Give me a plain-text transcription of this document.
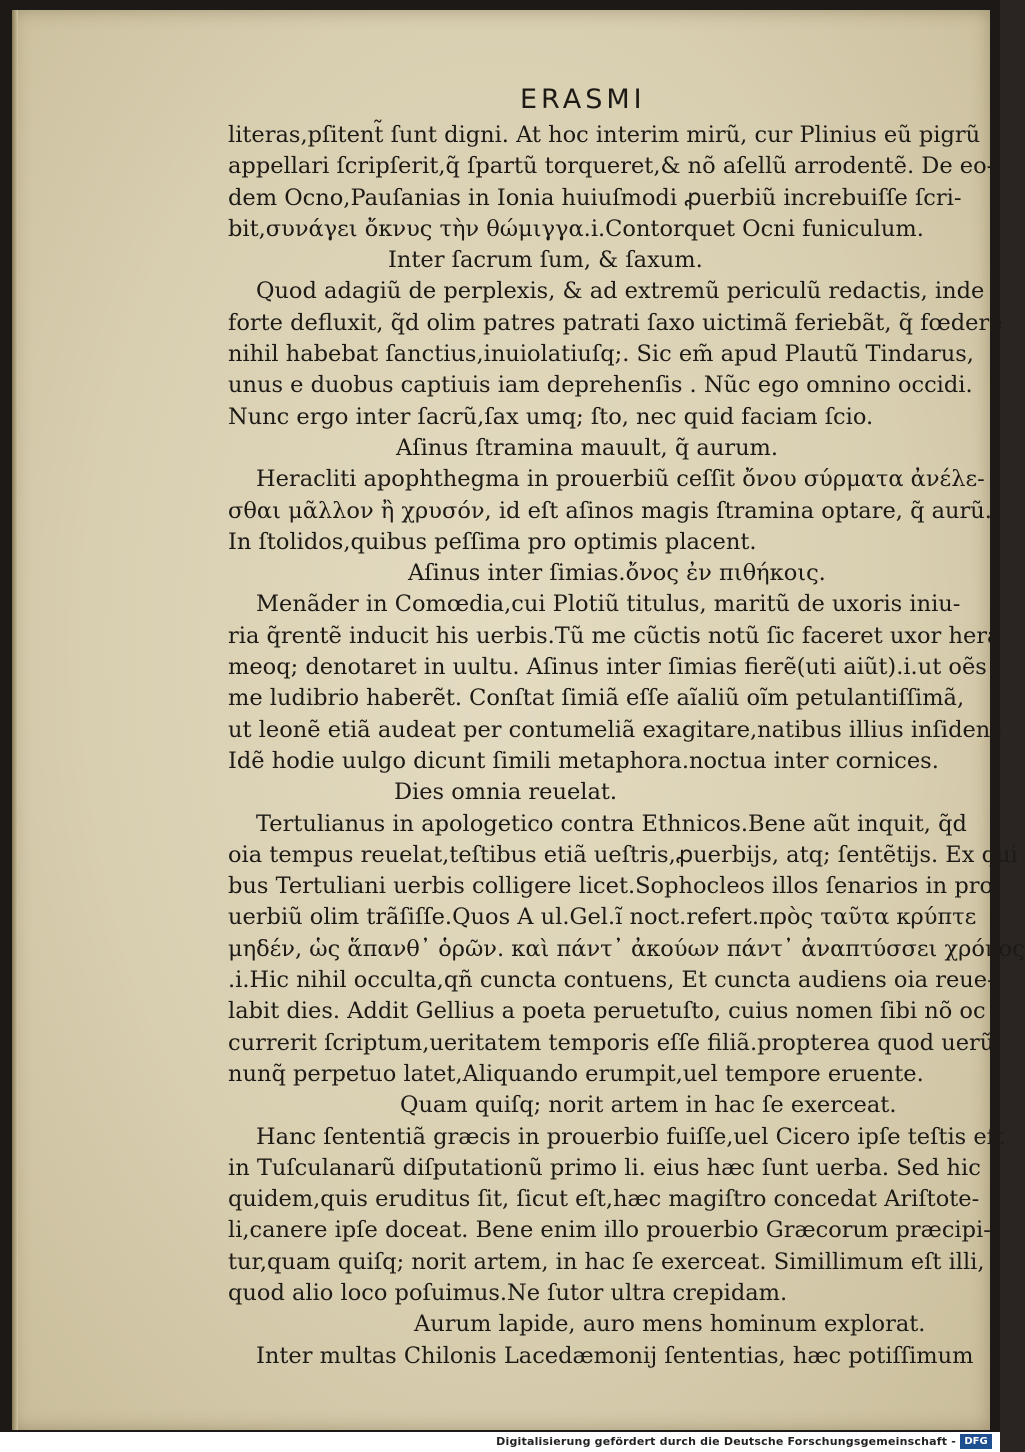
ERASMI
literas,pſitent̃ ſunt digni. At hoc interim mirũ, cur Plinius eũ pigrũ
appellari ſcripſerit,q̃ ſpartũ torqueret,& nõ aſellũ arrodentẽ. De eo-
dem Ocno,Pauſanias in Ionia huiuſmodi ꝓuerbiũ increbuiſſe ſcri-
bit,συνάγει ὄκνυς τὴν θώμιγγα.i.Contorquet Ocni funiculum.
Inter ſacrum ſum, & ſaxum.
Quod adagiũ de perplexis, & ad extremũ periculũ redactis, inde
forte defluxit, q̃d olim patres patrati ſaxo uictimã feriebãt, q̃ fœdere
nihil habebat ſanctius,inuiolatiuſq;. Sic em̃ apud Plautũ Tindarus,
unus e duobus captiuis iam deprehenſis . Nũc ego omnino occidi.
Nunc ergo inter ſacrũ,ſax umq; ſto, nec quid faciam ſcio.
Aſinus ſtramina mauult, q̃ aurum.
Heracliti apophthegma in prouerbiũ ceſſit ὄνου σύρματα ἀνέλε-
σθαι μᾶλλον ἢ χρυσόν, id eſt aſinos magis ſtramina optare, q̃ aurũ.
In ſtolidos,quibus peſſima pro optimis placent.
Aſinus inter ſimias.ὄνος ἐν πιθήκοις.
Menãder in Comœdia,cui Plotiũ titulus, maritũ de uxoris iniu-
ria q̃rentẽ inducit his uerbis.Tũ me cũctis notũ ſic faceret uxor hera
meoq; denotaret in uultu. Aſinus inter ſimias fierẽ(uti aiũt).i.ut oẽs
me ludibrio haberẽt. Conſtat ſimiã eſſe aĩaliũ oĩm petulantiſſimã,
ut leonẽ etiã audeat per contumeliã exagitare,natibus illius inſidens
Idẽ hodie uulgo dicunt ſimili metaphora.noctua inter cornices.
Dies omnia reuelat.
Tertulianus in apologetico contra Ethnicos.Bene aũt inquit, q̃d
oia tempus reuelat,teſtibus etiã ueſtris,ꝓuerbijs, atq; ſentẽtijs. Ex qui
bus Tertuliani uerbis colligere licet.Sophocleos illos ſenarios in pro
uerbiũ olim trãſiſſe.Quos A ul.Gel.ĩ noct.refert.πρὸς ταῦτα κρύπτε
μηδέν, ὡς ἅπανθ᾽ ὁρῶν. καὶ πάντ᾽ ἀκούων πάντ᾽ ἀναπτύσσει χρόνος
.i.Hic nihil occulta,qñ cuncta contuens, Et cuncta audiens oia reue-
labit dies. Addit Gellius a poeta peruetuſto, cuius nomen ſibi nõ oc
currerit ſcriptum,ueritatem temporis eſſe filiã.propterea quod uerũ
nunq̃ perpetuo latet,Aliquando erumpit,uel tempore eruente.
Quam quiſq; norit artem in hac ſe exerceat.
Hanc ſententiã græcis in prouerbio fuiſſe,uel Cicero ipſe teſtis eſt
in Tuſculanarũ diſputationũ primo li. eius hæc ſunt uerba. Sed hic
quidem,quis eruditus ſit, ſicut eſt,hæc magiſtro concedat Ariſtote-
li,canere ipſe doceat. Bene enim illo prouerbio Græcorum præcipi-
tur,quam quiſq; norit artem, in hac ſe exerceat. Simillimum eſt illi,
quod alio loco poſuimus.Ne ſutor ultra crepidam.
Aurum lapide, auro mens hominum explorat.
Inter multas Chilonis Lacedæmonij ſententias, hæc potiſſimum
Digitalisierung gefördert durch die Deutsche Forschungsgemeinschaft - DFG
